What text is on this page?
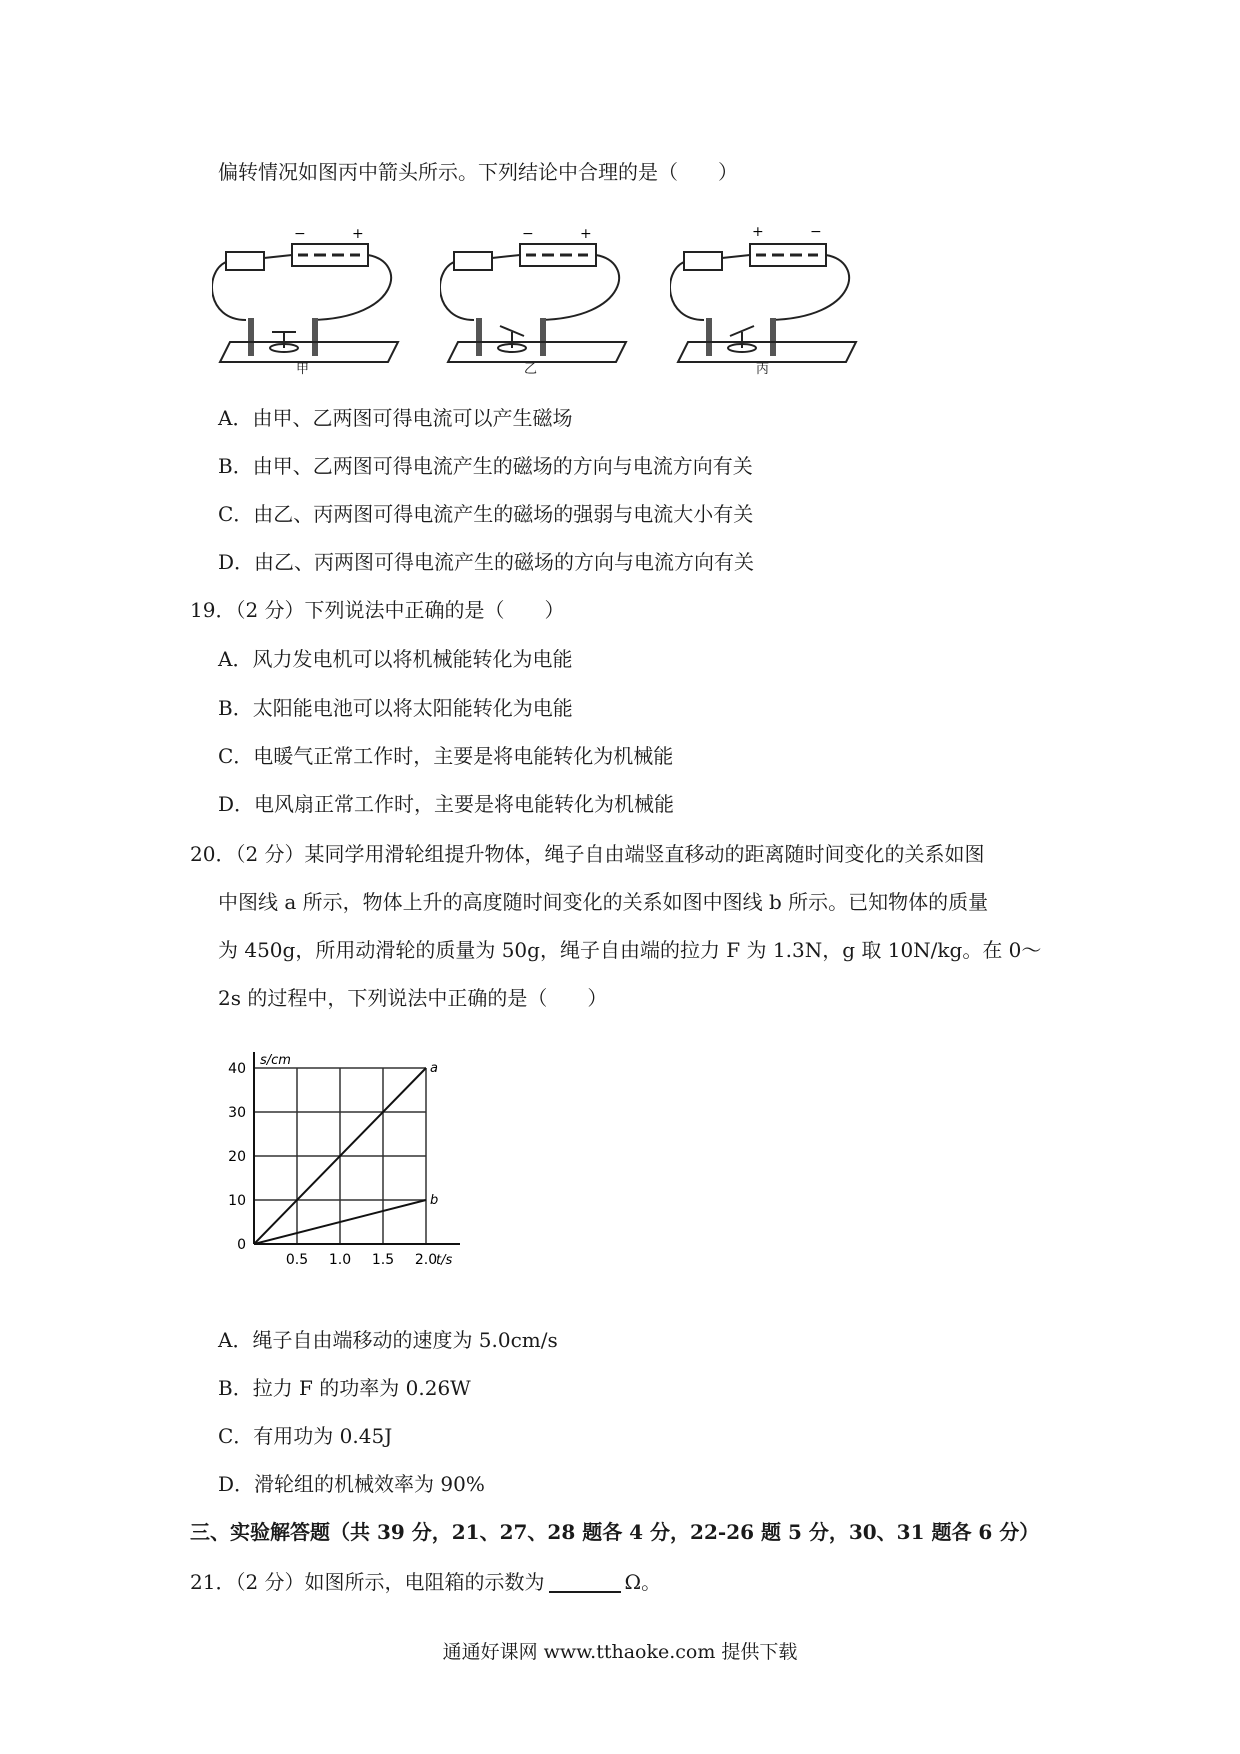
偏转情况如图丙中箭头所示。下列结论中合理的是（　　）
−	+
甲
−	+
乙
+	−
丙
A．由甲、乙两图可得电流可以产生磁场
B．由甲、乙两图可得电流产生的磁场的方向与电流方向有关
C．由乙、丙两图可得电流产生的磁场的强弱与电流大小有关
D．由乙、丙两图可得电流产生的磁场的方向与电流方向有关
19．（2 分）下列说法中正确的是（　　）
A．风力发电机可以将机械能转化为电能
B．太阳能电池可以将太阳能转化为电能
C．电暖气正常工作时，主要是将电能转化为机械能
D．电风扇正常工作时，主要是将电能转化为机械能
20．（2 分）某同学用滑轮组提升物体，绳子自由端竖直移动的距离随时间变化的关系如图
中图线 a 所示，物体上升的高度随时间变化的关系如图中图线 b 所示。已知物体的质量
为 450g，所用动滑轮的质量为 50g，绳子自由端的拉力 F 为 1.3N，g 取 10N/kg。在 0～
2s 的过程中，下列说法中正确的是（　　）
a
b
0
10
20
30
40
0.5 1.0 1.5 2.0
s/cm
t/s
A．绳子自由端移动的速度为 5.0cm/s
B．拉力 F 的功率为 0.26W
C．有用功为 0.45J
D．滑轮组的机械效率为 90%
三、实验解答题（共 39 分，21、27、28 题各 4 分，22-26 题 5 分，30、31 题各 6 分）
21．（2 分）如图所示，电阻箱的示数为	Ω。
通通好课网 www.tthaoke.com 提供下载
